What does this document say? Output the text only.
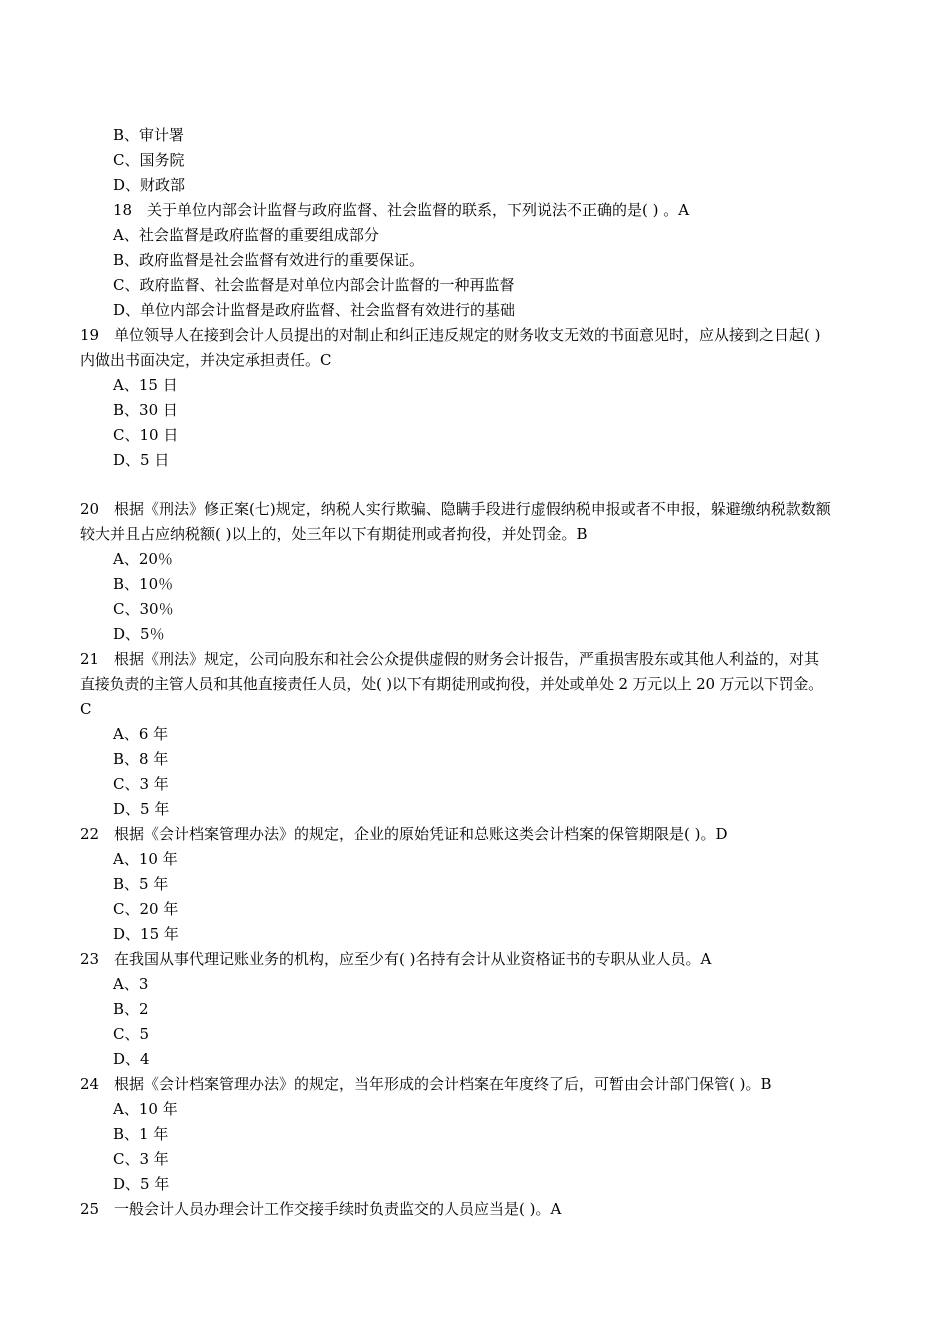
B、审计署
C、国务院
D、财政部
18 关于单位内部会计监督与政府监督、社会监督的联系，下列说法不正确的是( ) 。A
A、社会监督是政府监督的重要组成部分
B、政府监督是社会监督有效进行的重要保证。
C、政府监督、社会监督是对单位内部会计监督的一种再监督
D、单位内部会计监督是政府监督、社会监督有效进行的基础
19 单位领导人在接到会计人员提出的对制止和纠正违反规定的财务收支无效的书面意见时，应从接到之日起( )
内做出书面决定，并决定承担责任。C
A、15 日
B、30 日
C、10 日
D、5 日
20 根据《刑法》修正案(七)规定，纳税人实行欺骗、隐瞒手段进行虚假纳税申报或者不申报，躲避缴纳税款数额
较大并且占应纳税额( )以上的，处三年以下有期徒刑或者拘役，并处罚金。B
A、20％
B、10％
C、30％
D、5％
21 根据《刑法》规定，公司向股东和社会公众提供虚假的财务会计报告，严重损害股东或其他人利益的，对其
直接负责的主管人员和其他直接责任人员，处( )以下有期徒刑或拘役，并处或单处 2 万元以上 20 万元以下罚金。
C
A、6 年
B、8 年
C、3 年
D、5 年
22 根据《会计档案管理办法》的规定，企业的原始凭证和总账这类会计档案的保管期限是( )。D
A、10 年
B、5 年
C、20 年
D、15 年
23 在我国从事代理记账业务的机构，应至少有( )名持有会计从业资格证书的专职从业人员。A
A、3
B、2
C、5
D、4
24 根据《会计档案管理办法》的规定，当年形成的会计档案在年度终了后，可暂由会计部门保管( )。B
A、10 年
B、1 年
C、3 年
D、5 年
25 一般会计人员办理会计工作交接手续时负责监交的人员应当是( )。A
